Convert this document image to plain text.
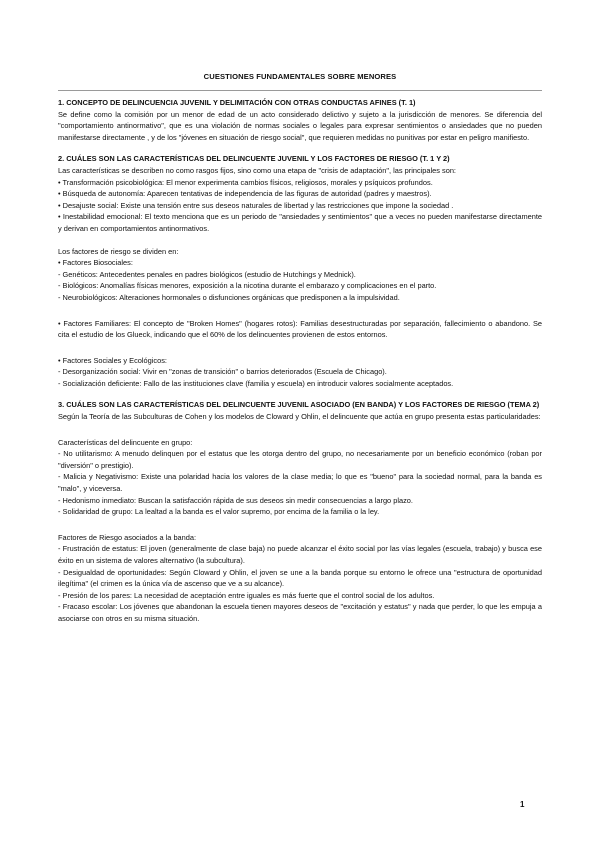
CUESTIONES FUNDAMENTALES SOBRE MENORES
1. CONCEPTO DE DELINCUENCIA JUVENIL Y DELIMITACIÓN CON OTRAS CONDUCTAS AFINES (T. 1)

Se define como la comisión por un menor de edad de un acto considerado delictivo y sujeto a la jurisdicción de menores. Se diferencia del "comportamiento antinormativo", que es una violación de normas sociales o legales para expresar sentimientos o ansiedades que no pueden manifestarse directamente , y de los "jóvenes en situación de riesgo social", que requieren medidas no punitivas por estar en peligro manifiesto.

2. CUÁLES SON LAS CARACTERÍSTICAS DEL DELINCUENTE JUVENIL Y LOS FACTORES DE RIESGO (T. 1 Y 2)

Las características se describen no como rasgos fijos, sino como una etapa de "crisis de adaptación", las principales son:

• Transformación psicobiológica: El menor experimenta cambios físicos, religiosos, morales y psíquicos profundos.

• Búsqueda de autonomía: Aparecen tentativas de independencia de las figuras de autoridad (padres y maestros).

• Desajuste social: Existe una tensión entre sus deseos naturales de libertad y las restricciones que impone la sociedad .

• Inestabilidad emocional: El texto menciona que es un periodo de "ansiedades y sentimientos" que a veces no pueden manifestarse directamente y derivan en comportamientos antinormativos.

Los factores de riesgo se dividen en:

• Factores Biosociales:

- Genéticos: Antecedentes penales en padres biológicos (estudio de Hutchings y Mednick).

- Biológicos: Anomalías físicas menores, exposición a la nicotina durante el embarazo y complicaciones en el parto.

- Neurobiológicos: Alteraciones hormonales o disfunciones orgánicas que predisponen a la impulsividad.

• Factores Familiares: El concepto de "Broken Homes" (hogares rotos): Familias desestructuradas por separación, fallecimiento o abandono. Se cita el estudio de los Glueck, indicando que el 60% de los delincuentes provienen de estos entornos.

• Factores Sociales y Ecológicos:

- Desorganización social: Vivir en "zonas de transición" o barrios deteriorados (Escuela de Chicago).

- Socialización deficiente: Fallo de las instituciones clave (familia y escuela) en introducir valores socialmente aceptados.

3. CUÁLES SON LAS CARACTERÍSTICAS DEL DELINCUENTE JUVENIL ASOCIADO (EN BANDA) Y LOS FACTORES DE RIESGO (TEMA 2)

Según la Teoría de las Subculturas de Cohen y los modelos de Cloward y Ohlin, el delincuente que actúa en grupo presenta estas particularidades:

Características del delincuente en grupo:

- No utilitarismo: A menudo delinquen por el estatus que les otorga dentro del grupo, no necesariamente por un beneficio económico (roban por "diversión" o prestigio).

- Malicia y Negativismo: Existe una polaridad hacia los valores de la clase media; lo que es "bueno" para la sociedad normal, para la banda es "malo", y viceversa.

- Hedonismo inmediato: Buscan la satisfacción rápida de sus deseos sin medir consecuencias a largo plazo.

- Solidaridad de grupo: La lealtad a la banda es el valor supremo, por encima de la familia o la ley.

Factores de Riesgo asociados a la banda:

- Frustración de estatus: El joven (generalmente de clase baja) no puede alcanzar el éxito social por las vías legales (escuela, trabajo) y busca ese éxito en un sistema de valores alternativo (la subcultura).

- Desigualdad de oportunidades: Según Cloward y Ohlin, el joven se une a la banda porque su entorno le ofrece una "estructura de oportunidad ilegítima" (el crimen es la única vía de ascenso que ve a su alcance).

- Presión de los pares: La necesidad de aceptación entre iguales es más fuerte que el control social de los adultos.

- Fracaso escolar: Los jóvenes que abandonan la escuela tienen mayores deseos de "excitación y estatus" y nada que perder, lo que les empuja a asociarse con otros en su misma situación.

1
